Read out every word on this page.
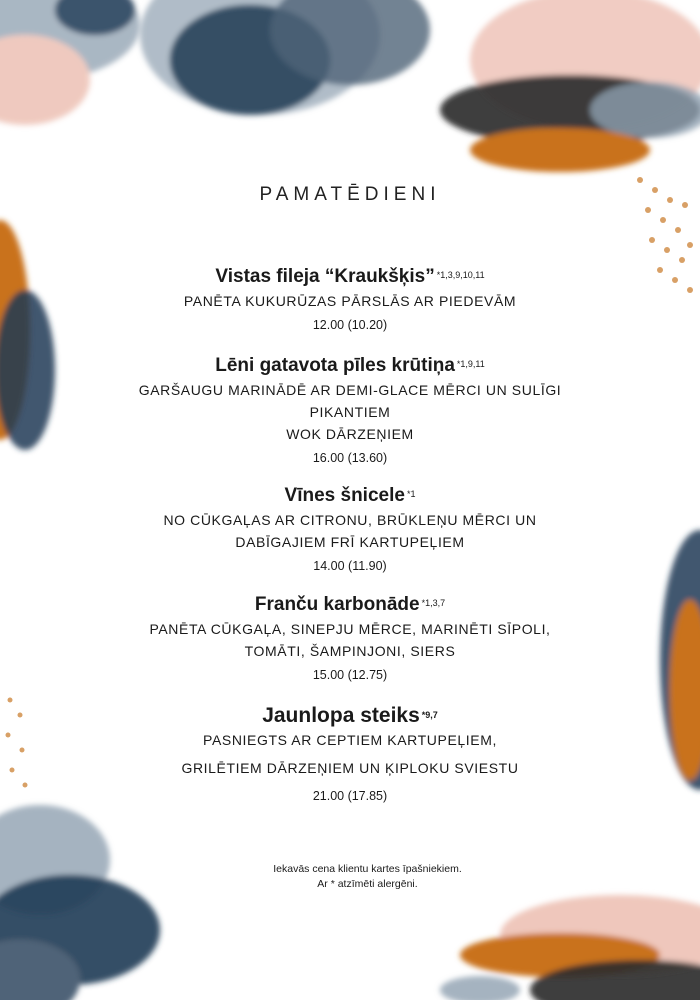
PAMATĒDIENI
Vistas fileja “Kraukšķis” $^{*1,3,9,10,11}$
PANĒTA KUKURŪZAS PĀRSLĀS AR PIEDEVĀM
12.00 (10.20)
Lēni gatavota pīles krūtiņa $^{*1,9,11}$
GARŠAUGU MARINĀDĒ AR DEMI-GLACE MĒRCI UN SULĪGI
PIKANTIEM
WOK DĀRZEŅIEM
16.00 (13.60)
Vīnes šnicele $^{*1}$
NO CŪKGAĻAS AR CITRONU, BRŪKLEŅU MĒRCI UN
DABĪGAJIEM FRĪ KARTUPEĻIEM
14.00 (11.90)
Franču karbonāde $^{*1,3,7}$
PANĒTA CŪKGAĻA, SINEPJU MĒRCE, MARINĒTI SĪPOLI,
TOMĀTI, ŠAMPINJONI, SIERS
15.00 (12.75)
Jaunlopa steiks *9,7
PASNIEGTS AR CEPTIEM KARTUPEĻIEM,
GRILĒTIEM DĀRZEŅIEM UN ĶIPLOKU SVIESTU
21.00 (17.85)
Iekavās cena klientu kartes īpašniekiem.
Ar * atzīmēti alergēni.
